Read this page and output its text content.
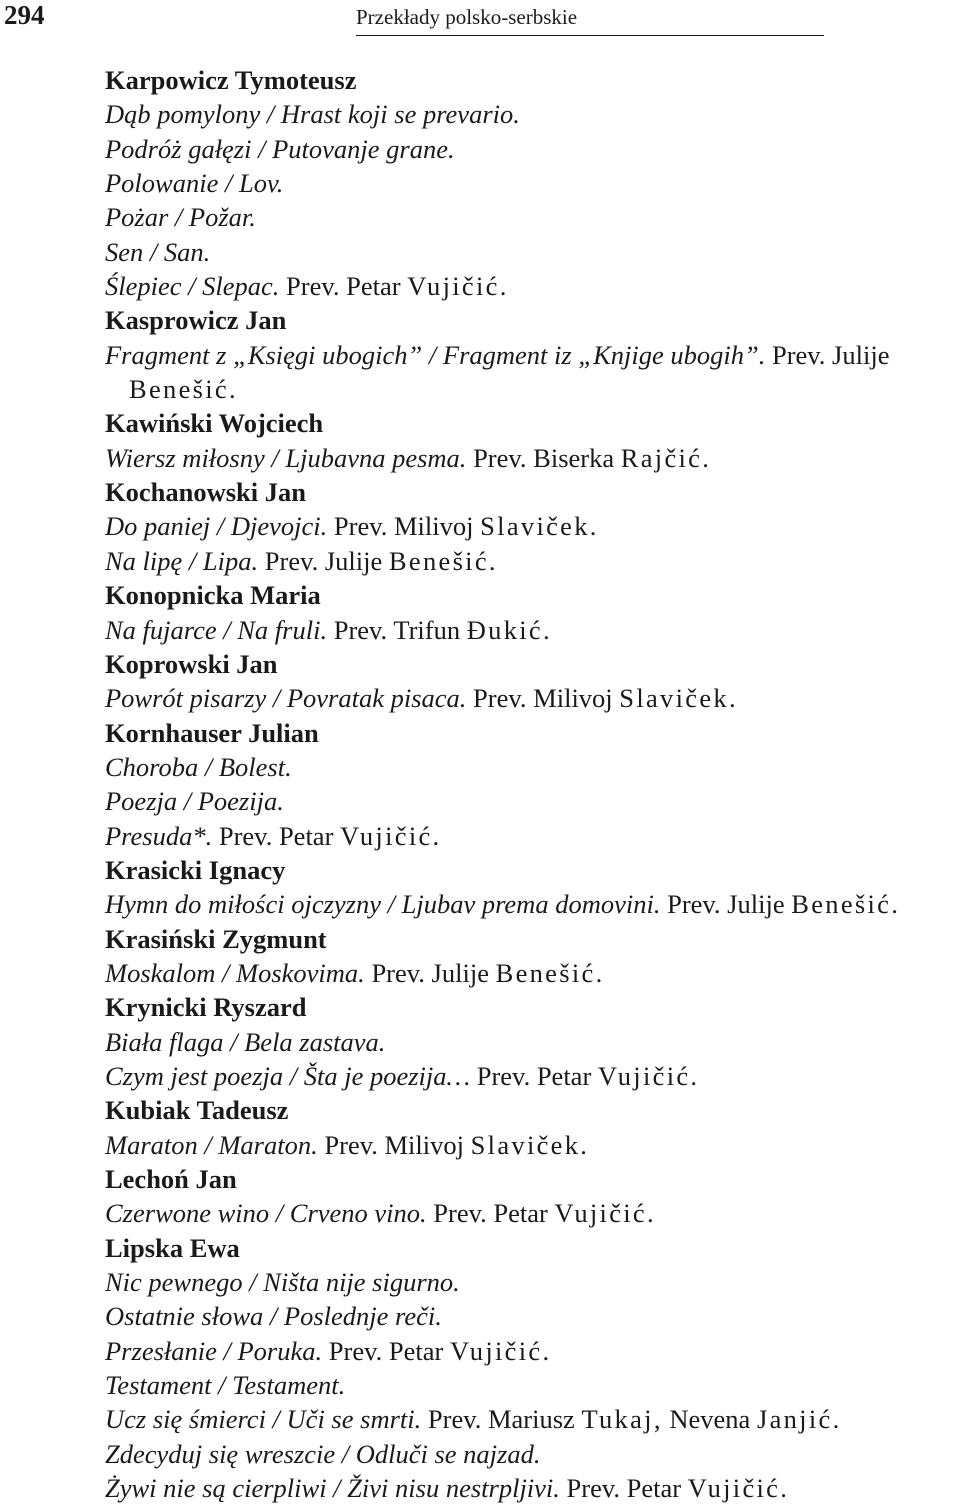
294	Przekłady polsko-serbskie
Karpowicz Tymoteusz
Dąb pomylony / Hrast koji se prevario.
Podróż gałęzi / Putovanje grane.
Polowanie / Lov.
Pożar / Požar.
Sen / San.
Ślepiec / Slepac. Prev. Petar Vujičić.
Kasprowicz Jan
Fragment z „Księgi ubogich” / Fragment iz „Knjige ubogih”. Prev. Julije Benešić.
Kawiński Wojciech
Wiersz miłosny / Ljubavna pesma. Prev. Biserka Rajčić.
Kochanowski Jan
Do paniej / Djevojci. Prev. Milivoj Slaviček.
Na lipę / Lipa. Prev. Julije Benešić.
Konopnicka Maria
Na fujarce / Na fruli. Prev. Trifun Đukić.
Koprowski Jan
Powrót pisarzy / Povratak pisaca. Prev. Milivoj Slaviček.
Kornhauser Julian
Choroba / Bolest.
Poezja / Poezija.
Presuda*. Prev. Petar Vujičić.
Krasicki Ignacy
Hymn do miłości ojczyzny / Ljubav prema domovini. Prev. Julije Benešić.
Krasiński Zygmunt
Moskalom / Moskovima. Prev. Julije Benešić.
Krynicki Ryszard
Biała flaga / Bela zastava.
Czym jest poezja / Šta je poezija… Prev. Petar Vujičić.
Kubiak Tadeusz
Maraton / Maraton. Prev. Milivoj Slaviček.
Lechoń Jan
Czerwone wino / Crveno vino. Prev. Petar Vujičić.
Lipska Ewa
Nic pewnego / Ništa nije sigurno.
Ostatnie słowa / Poslednje reči.
Przesłanie / Poruka. Prev. Petar Vujičić.
Testament / Testament.
Ucz się śmierci / Uči se smrti. Prev. Mariusz Tukaj, Nevena Janjić.
Zdecyduj się wreszcie / Odluči se najzad.
Żywi nie są cierpliwi / Živi nisu nestrpljivi. Prev. Petar Vujičić.
